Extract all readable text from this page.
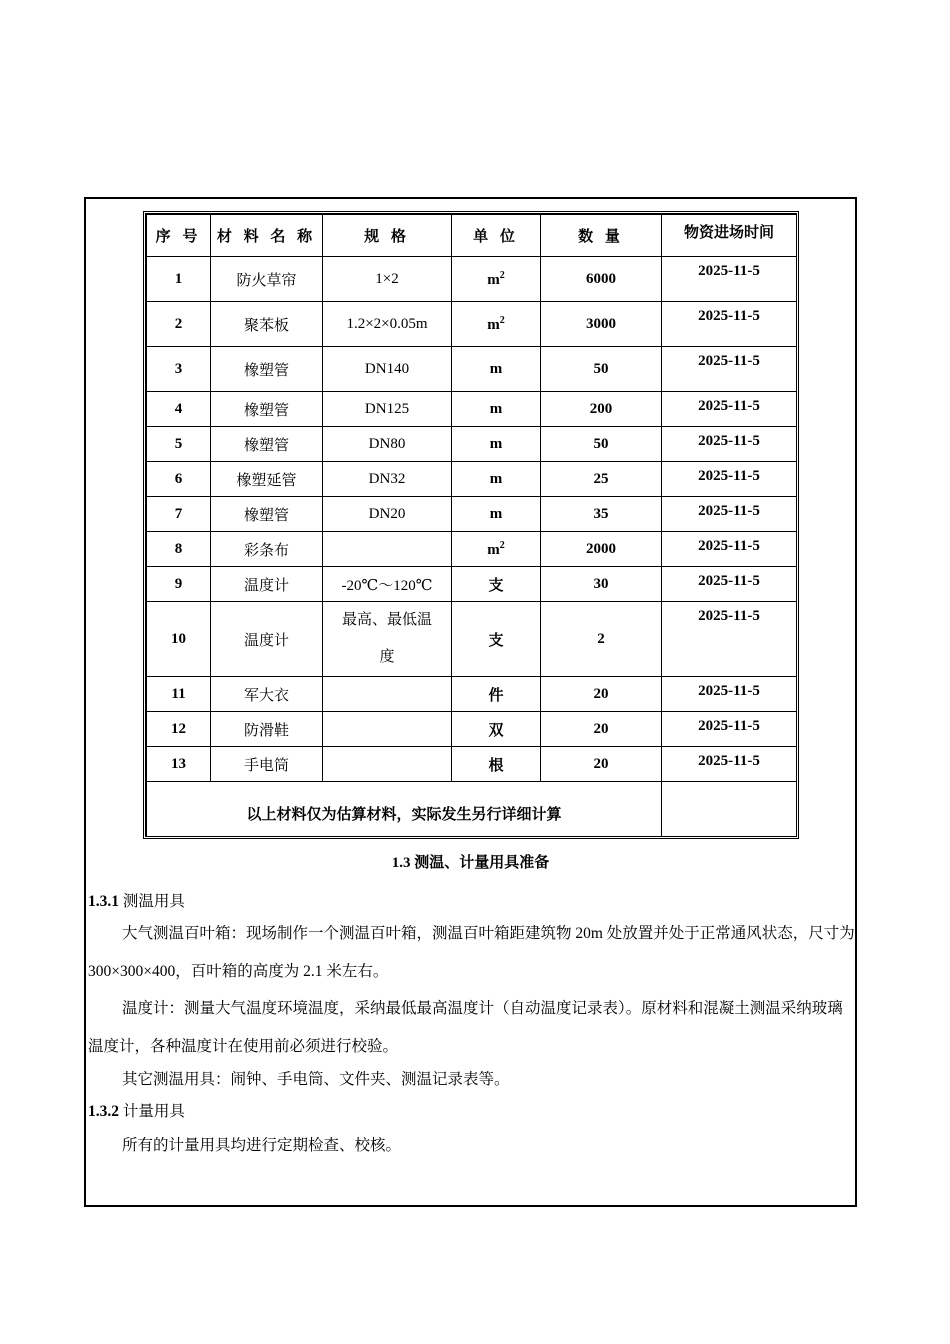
序 号	材 料 名 称	规 格	单 位	数 量	物资进场时间
1	防火草帘	1×2	$m^2$	6000	2025-11-5
2	聚苯板	1.2×2×0.05m	$m^2$	3000	2025-11-5
3	橡塑管	DN140	m	50	2025-11-5
4	橡塑管	DN125	m	200	2025-11-5
5	橡塑管	DN80	m	50	2025-11-5
6	橡塑延管	DN32	m	25	2025-11-5
7	橡塑管	DN20	m	35	2025-11-5
8	彩条布		$m^2$	2000	2025-11-5
9	温度计	-20℃～120℃	支	30	2025-11-5
10	温度计	最高、最低温度	支	2	2025-11-5
11	军大衣		件	20	2025-11-5
12	防滑鞋		双	20	2025-11-5
13	手电筒		根	20	2025-11-5
以上材料仅为估算材料，实际发生另行详细计算					
1.3 测温、计量用具准备
1.3.1 测温用具
大气测温百叶箱：现场制作一个测温百叶箱，测温百叶箱距建筑物 20m 处放置并处于正常通风状态，尺寸为 300×300×400，百叶箱的高度为 2.1 米左右。
温度计：测量大气温度环境温度，采纳最低最高温度计（自动温度记录表）。原材料和混凝土测温采纳玻璃温度计，各种温度计在使用前必须进行校验。
其它测温用具：闹钟、手电筒、文件夹、测温记录表等。
1.3.2 计量用具
所有的计量用具均进行定期检查、校核。
